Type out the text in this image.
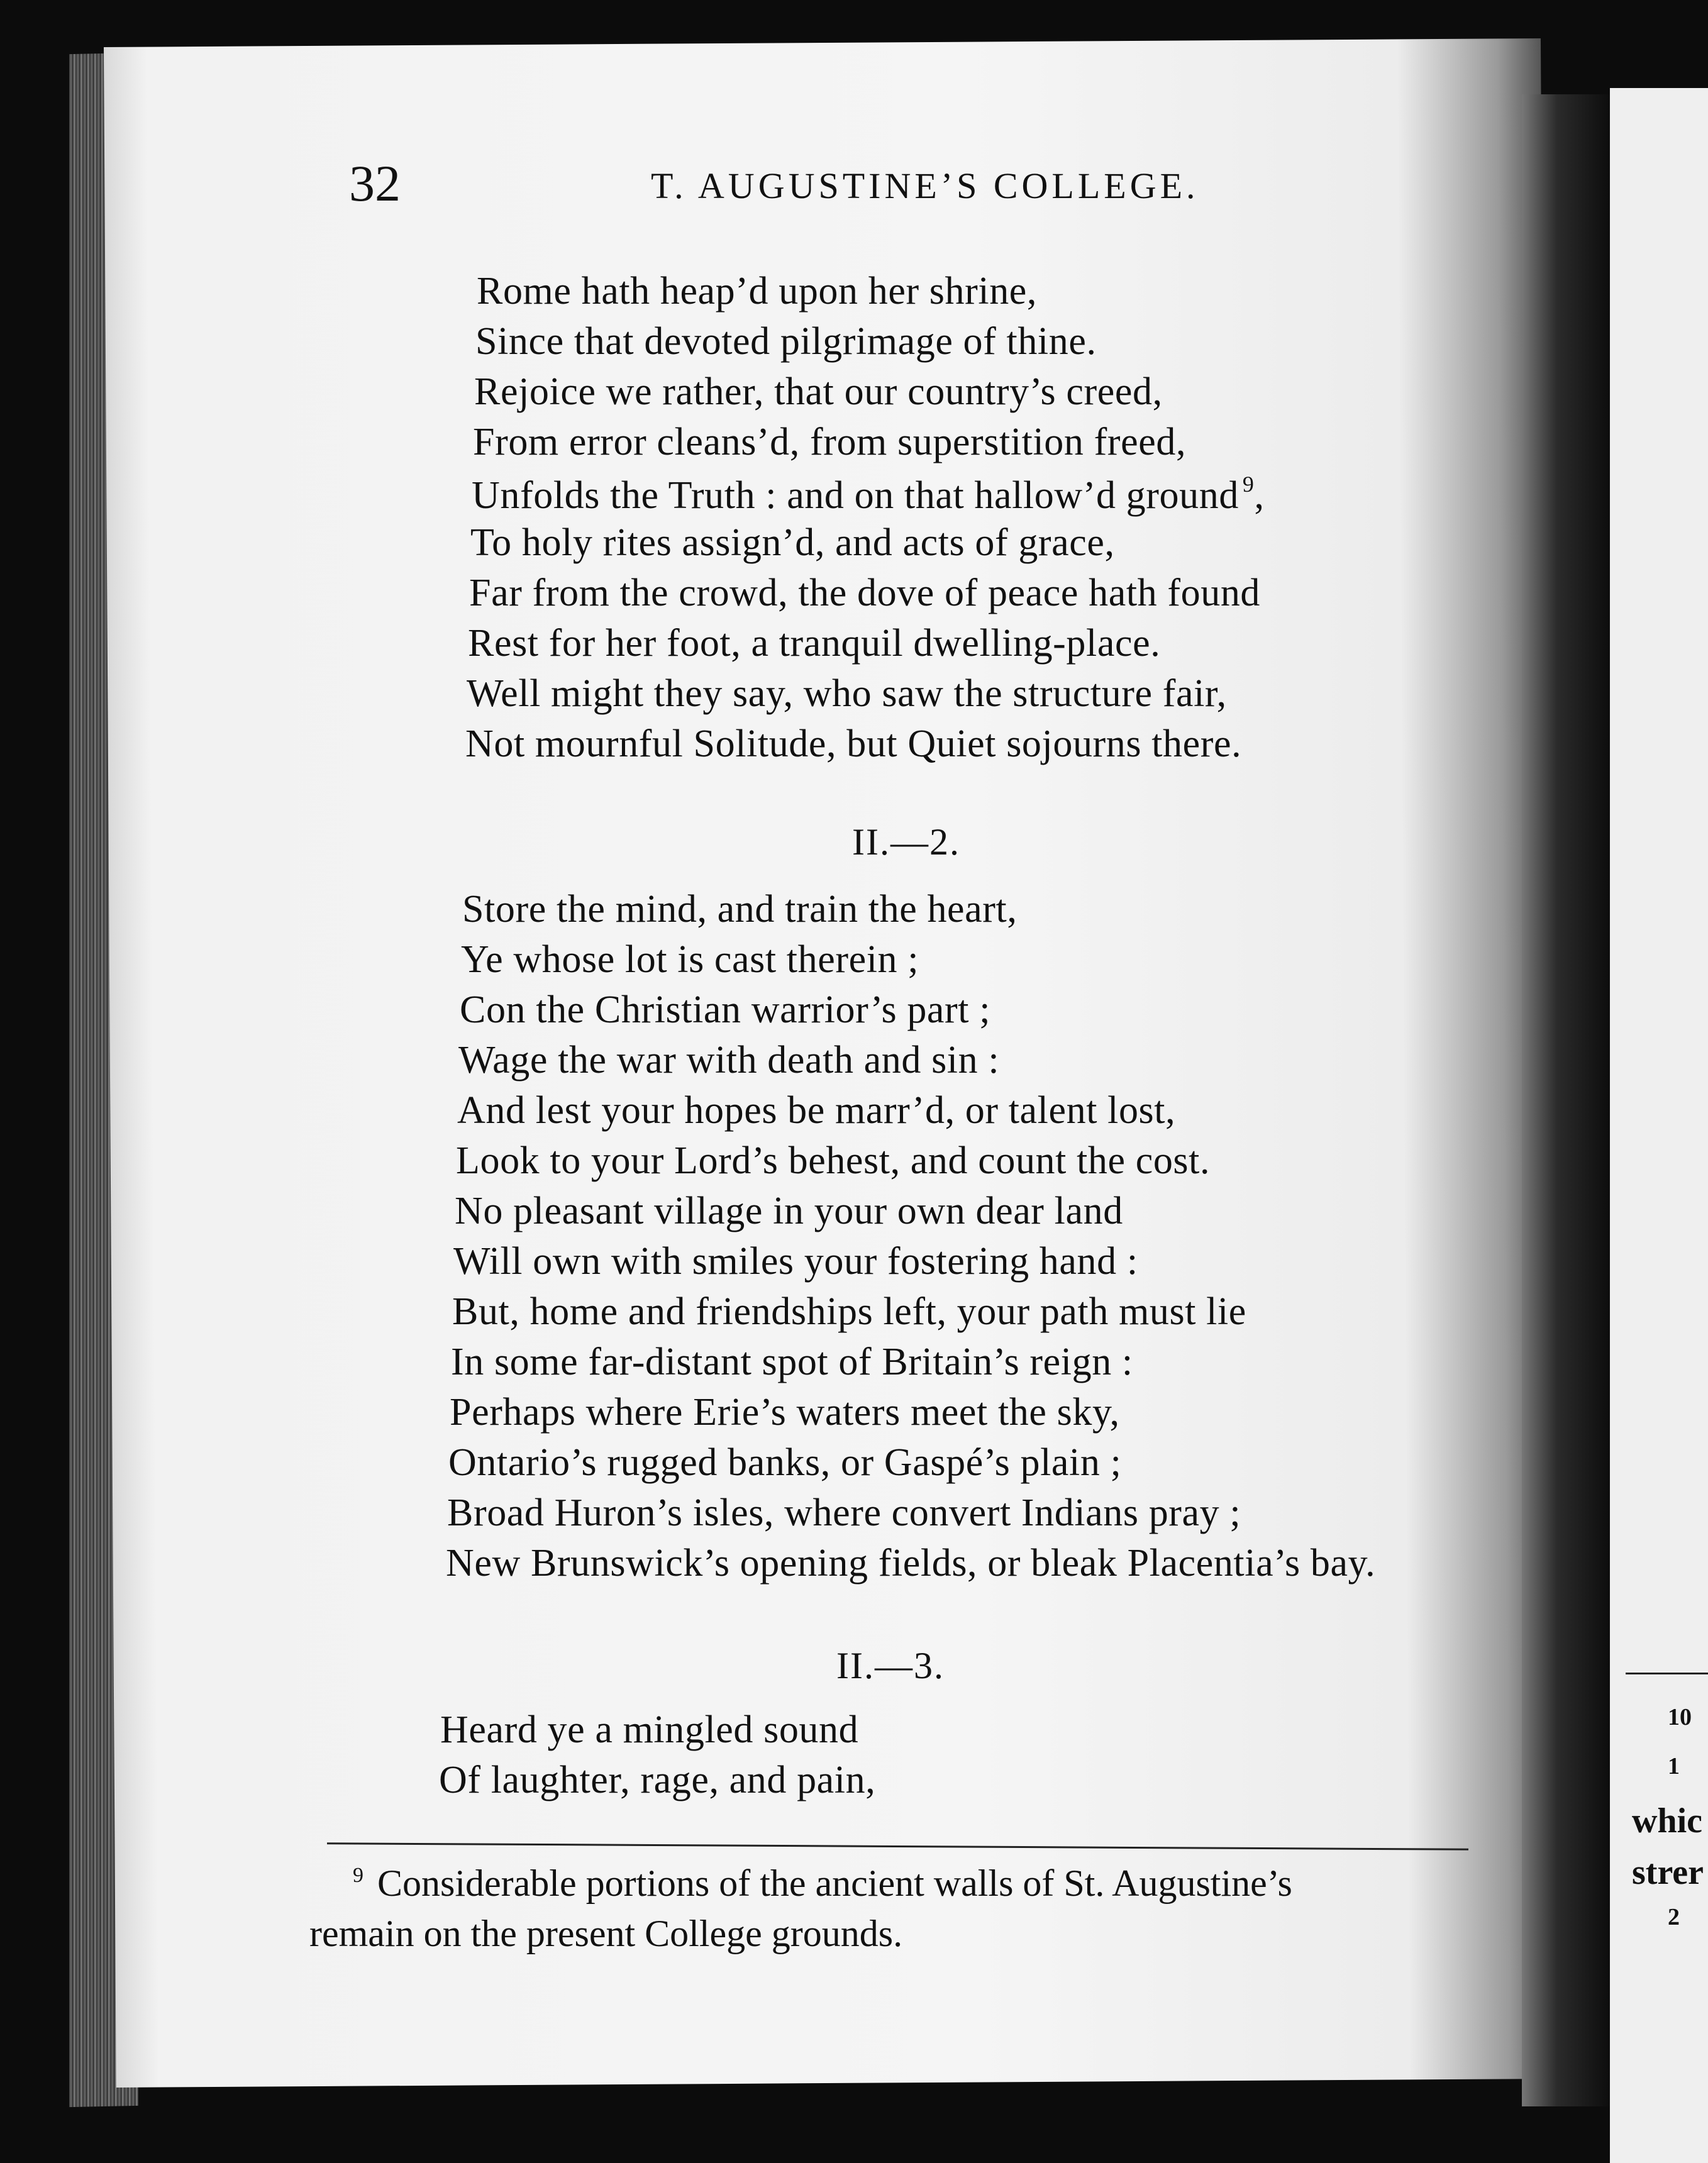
10
1
whic
strer
2
32	T. AUGUSTINE’S COLLEGE.
Rome hath heap’d upon her shrine,
Since that devoted pilgrimage of thine.
Rejoice we rather, that our country’s creed,
From error cleans’d, from superstition freed,
Unfolds the Truth : and on that hallow’d ground $^9$,
To holy rites assign’d, and acts of grace,
Far from the crowd, the dove of peace hath found
Rest for her foot, a tranquil dwelling-place.
Well might they say, who saw the structure fair,
Not mournful Solitude, but Quiet sojourns there.
II.—2.
Store the mind, and train the heart,
Ye whose lot is cast therein ;
Con the Christian warrior’s part ;
Wage the war with death and sin :
And lest your hopes be marr’d, or talent lost,
Look to your Lord’s behest, and count the cost.
No pleasant village in your own dear land
Will own with smiles your fostering hand :
But, home and friendships left, your path must lie
In some far-distant spot of Britain’s reign :
Perhaps where Erie’s waters meet the sky,
Ontario’s rugged banks, or Gaspé’s plain ;
Broad Huron’s isles, where convert Indians pray ;
New Brunswick’s opening fields, or bleak Placentia’s bay.
II.—3.
Heard ye a mingled sound
Of laughter, rage, and pain,
$^9$ Considerable portions of the ancient walls of St. Augustine’s
remain on the present College grounds.
